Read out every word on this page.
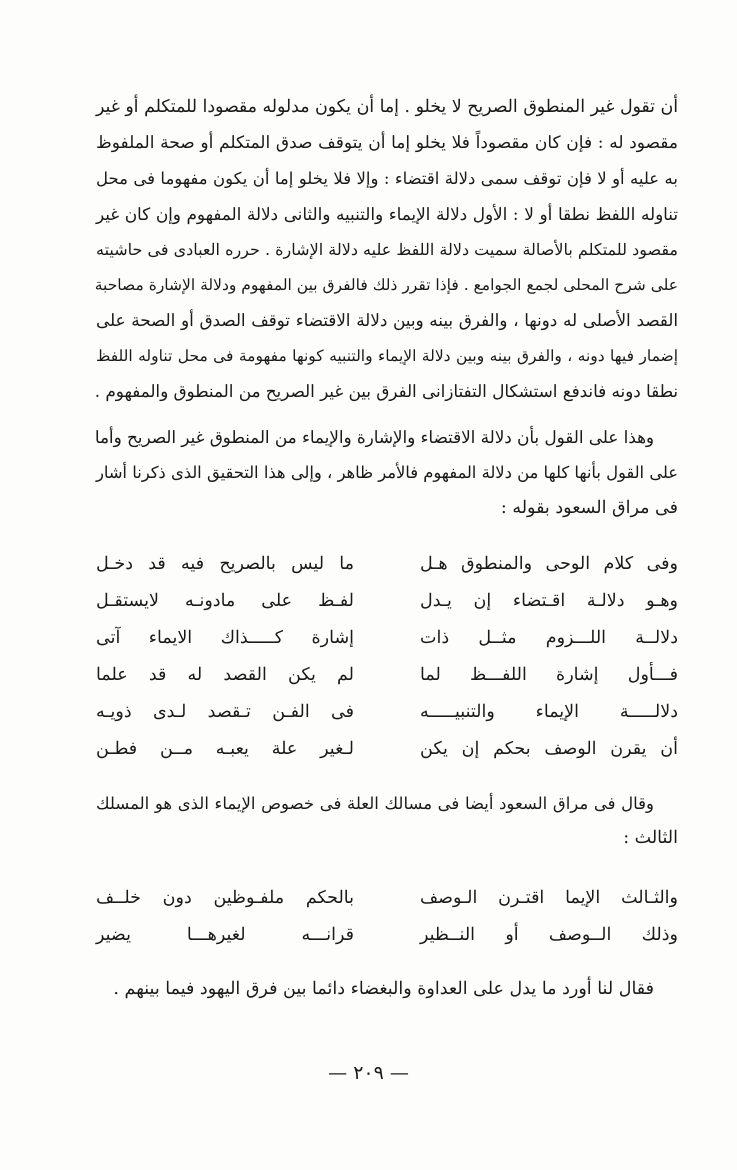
أن تقول غير المنطوق الصريح لا يخلو . إما أن يكون مدلوله مقصودا للمتكلم أو غير
مقصود له : فإن كان مقصوداً فلا يخلو إما أن يتوقف صدق المتكلم أو صحة الملفوظ
به عليه أو لا فإن توقف سمى دلالة اقتضاء : وإلا فلا يخلو إما أن يكون مفهوما فى محل
تناوله اللفظ نطقا أو لا : الأول دلالة الإيماء والتنبيه والثانى دلالة المفهوم وإن كان غير
مقصود للمتكلم بالأصالة سميت دلالة اللفظ عليه دلالة الإشارة . حرره العبادى فى حاشيته
على شرح المحلى لجمع الجوامع . فإذا تقرر ذلك فالفرق بين المفهوم ودلالة الإشارة مصاحبة
القصد الأصلى له دونها ، والفرق بينه وبين دلالة الاقتضاء توقف الصدق أو الصحة على
إضمار فيها دونه ، والفرق بينه وبين دلالة الإيماء والتنبيه كونها مفهومة فى محل تناوله اللفظ
نطقا دونه فاندفع استشكال التفتازانى الفرق بين غير الصريح من المنطوق والمفهوم .
وهذا على القول بأن دلالة الاقتضاء والإشارة والإيماء من المنطوق غير الصريح وأما
على القول بأنها كلها من دلالة المفهوم فالأمر ظاهر ، وإلى هذا التحقيق الذى ذكرنا أشار
فى مراق السعود بقوله :
وفى كلام الوحى والمنطوق هـل
ما ليس بالصريح فيه قد دخـل
وهـو دلالـة اقـتضاء إن يـدل
لفـظ على مادونـه لايستقـل
دلالــة اللـــزوم مثــل ذات
إشارة كـــــذاك الايماء آتى
فـــأول إشارة اللفـــظ لما
لم يكن القصد له قد علما
دلالـــــة الإيماء والتنبيـــــه
فى الفـن تـقصد لـدى ذويـه
أن يقرن الوصف بحكم إن يكن
لـغير علة يعبـه مــن فطـن
وقال فى مراق السعود أيضا فى مسالك العلة فى خصوص الإيماء الذى هو المسلك
الثالث :
والثـالث الإيما اقتـرن الـوصف
بالحكم ملفـوظين دون خلــف
وذلك الــوصف أو النــظير
قرانـــه لغيرهـــا يضير
فقال لنا أورد ما يدل على العداوة والبغضاء دائما بين فرق اليهود فيما بينهم .
— ٢٠٩ —
